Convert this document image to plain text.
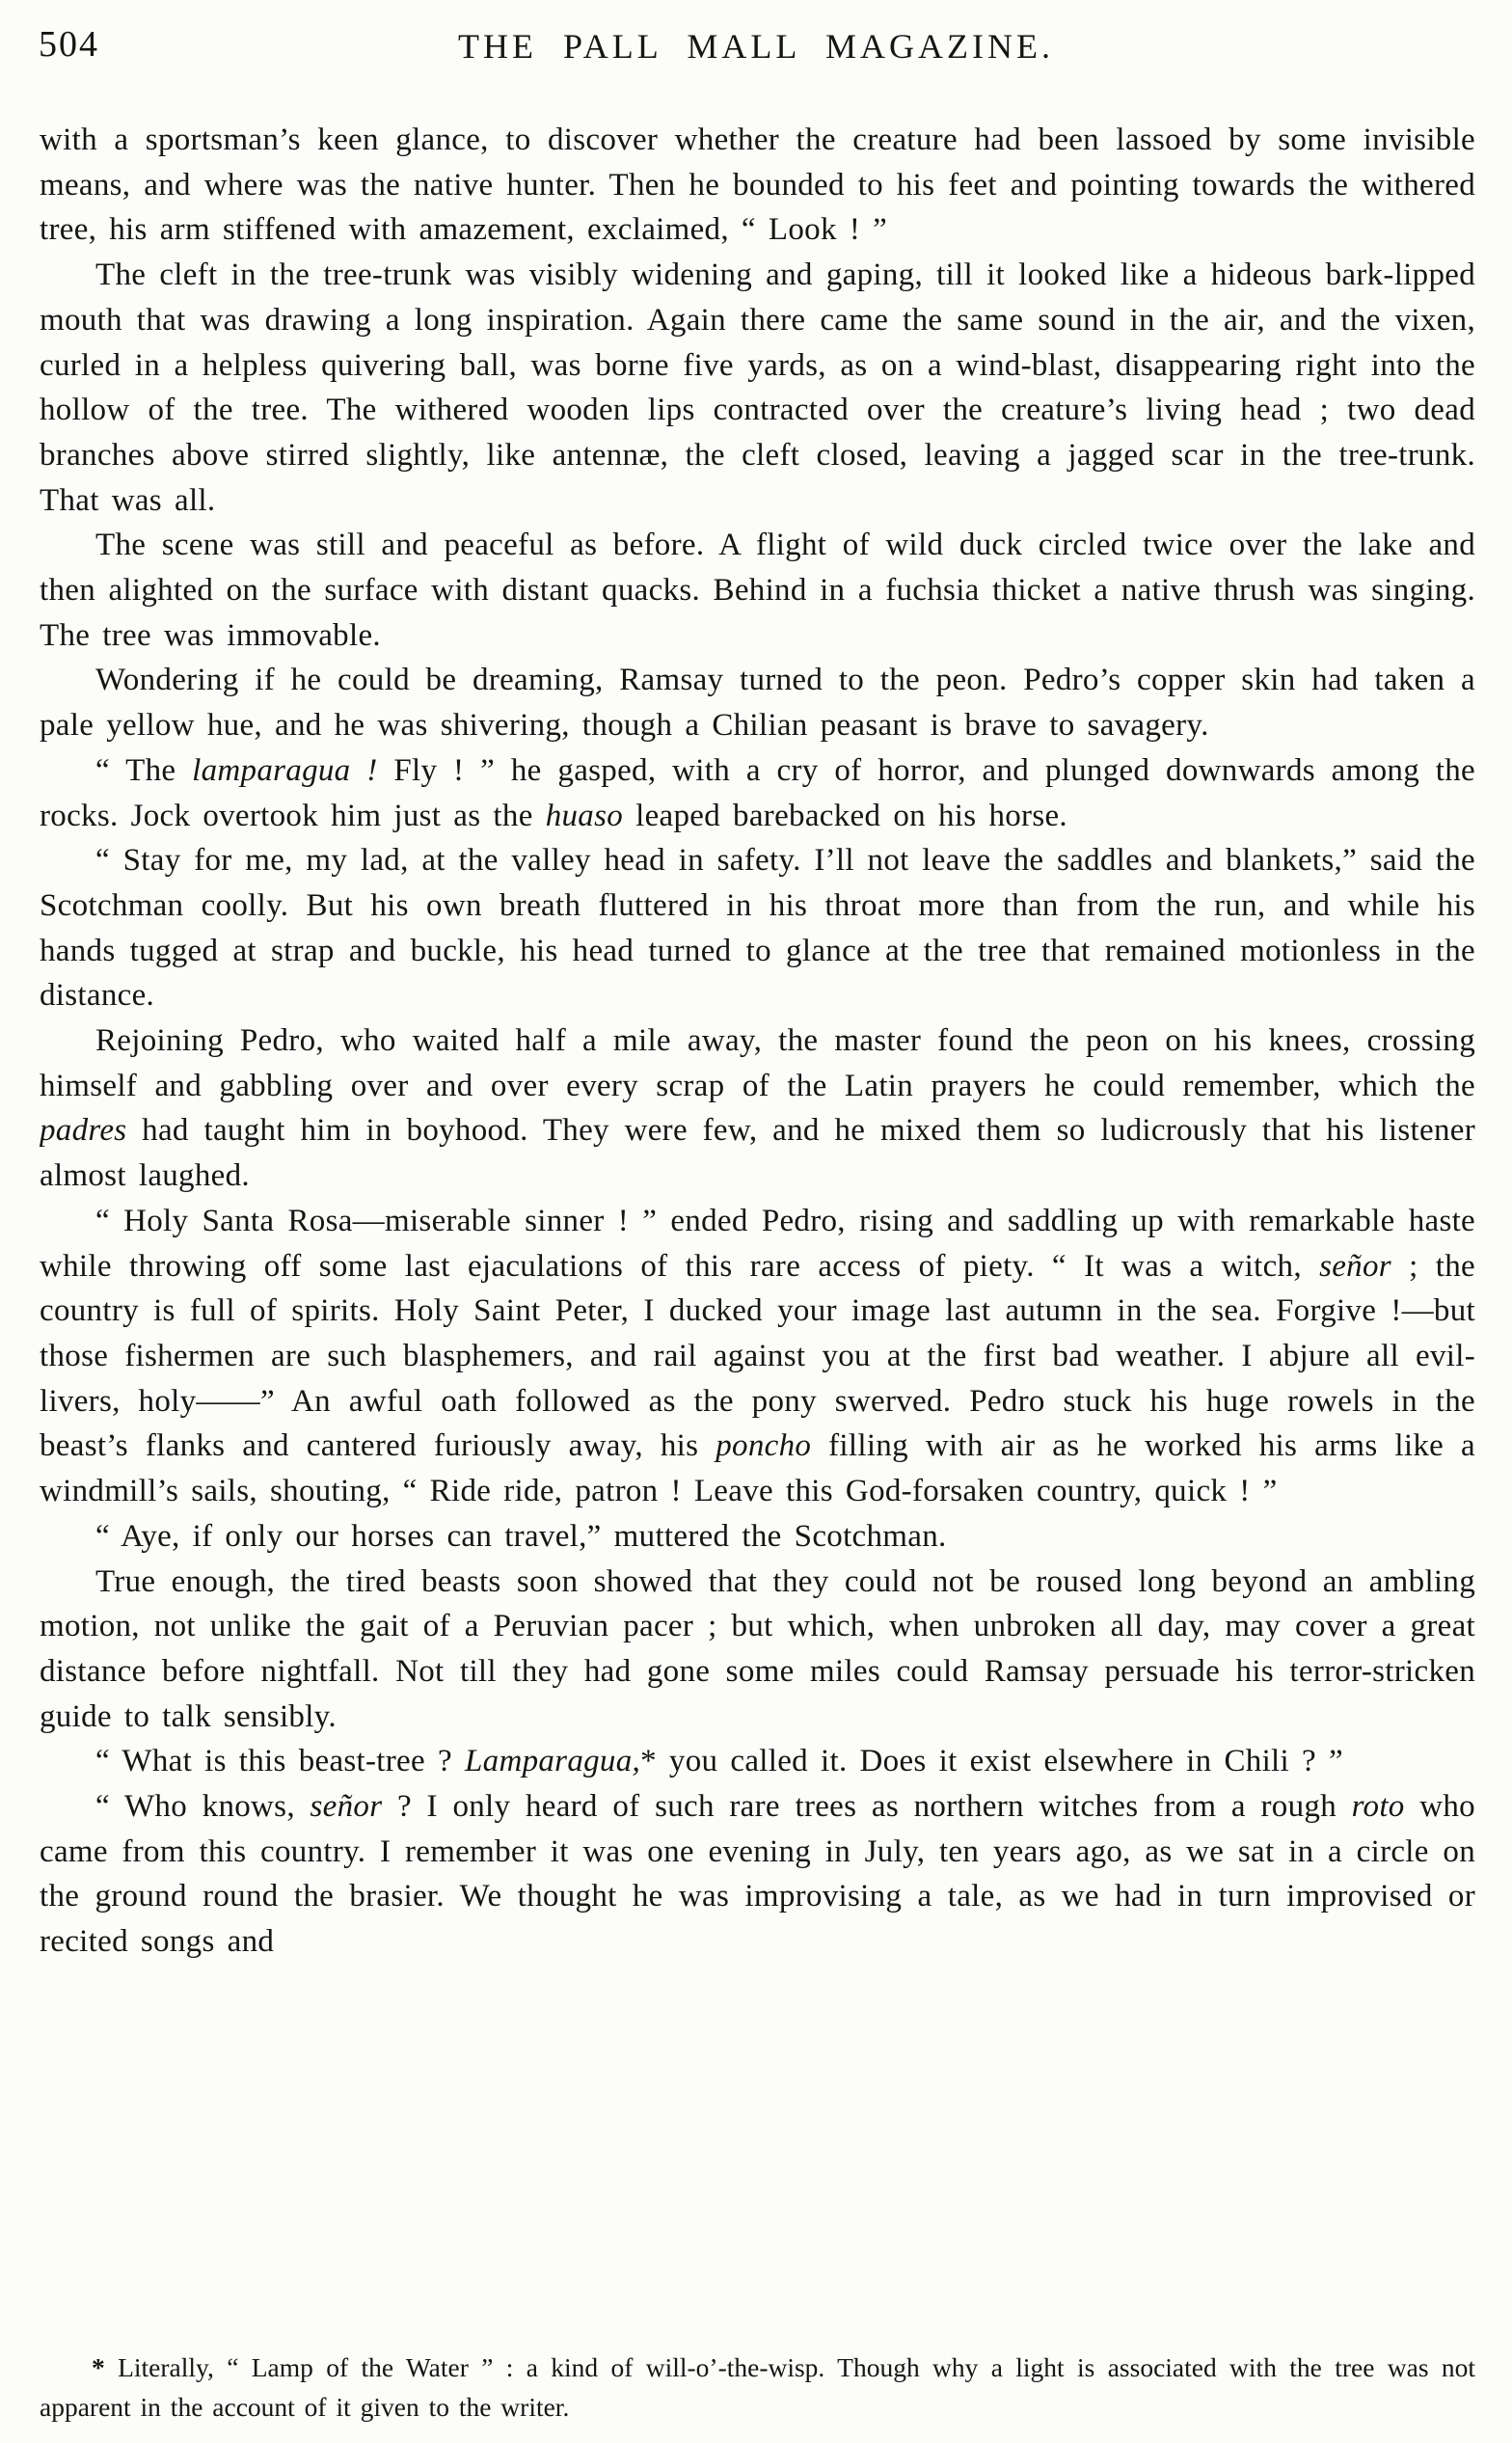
504	THE PALL MALL MAGAZINE.

with a sportsman’s keen glance, to discover whether the creature had been lassoed by some invisible means, and where was the native hunter. Then he bounded to his feet and pointing towards the withered tree, his arm stiffened with amazement, exclaimed, “ Look ! ”

The cleft in the tree-trunk was visibly widening and gaping, till it looked like a hideous bark-lipped mouth that was drawing a long inspiration. Again there came the same sound in the air, and the vixen, curled in a helpless quivering ball, was borne five yards, as on a wind-blast, disappearing right into the hollow of the tree. The withered wooden lips contracted over the creature’s living head ; two dead branches above stirred slightly, like antennæ, the cleft closed, leaving a jagged scar in the tree-trunk. That was all.

The scene was still and peaceful as before. A flight of wild duck circled twice over the lake and then alighted on the surface with distant quacks. Behind in a fuchsia thicket a native thrush was singing. The tree was immovable.

Wondering if he could be dreaming, Ramsay turned to the peon. Pedro’s copper skin had taken a pale yellow hue, and he was shivering, though a Chilian peasant is brave to savagery.

“ The lamparagua ! Fly ! ” he gasped, with a cry of horror, and plunged downwards among the rocks. Jock overtook him just as the huaso leaped barebacked on his horse.

“ Stay for me, my lad, at the valley head in safety. I’ll not leave the saddles and blankets,” said the Scotchman coolly. But his own breath fluttered in his throat more than from the run, and while his hands tugged at strap and buckle, his head turned to glance at the tree that remained motionless in the distance.

Rejoining Pedro, who waited half a mile away, the master found the peon on his knees, crossing himself and gabbling over and over every scrap of the Latin prayers he could remember, which the padres had taught him in boyhood. They were few, and he mixed them so ludicrously that his listener almost laughed.

“ Holy Santa Rosa—miserable sinner ! ” ended Pedro, rising and saddling up with remarkable haste while throwing off some last ejaculations of this rare access of piety. “ It was a witch, señor ; the country is full of spirits. Holy Saint Peter, I ducked your image last autumn in the sea. Forgive !—but those fishermen are such blasphemers, and rail against you at the first bad weather. I abjure all evil-livers, holy——” An awful oath followed as the pony swerved. Pedro stuck his huge rowels in the beast’s flanks and cantered furiously away, his poncho filling with air as he worked his arms like a windmill’s sails, shouting, “ Ride ride, patron ! Leave this God-forsaken country, quick ! ”

“ Aye, if only our horses can travel,” muttered the Scotchman.

True enough, the tired beasts soon showed that they could not be roused long beyond an ambling motion, not unlike the gait of a Peruvian pacer ; but which, when unbroken all day, may cover a great distance before nightfall. Not till they had gone some miles could Ramsay persuade his terror-stricken guide to talk sensibly.

“ What is this beast-tree ? Lamparagua,* you called it. Does it exist elsewhere in Chili ? ”

“ Who knows, señor ? I only heard of such rare trees as northern witches from a rough roto who came from this country. I remember it was one evening in July, ten years ago, as we sat in a circle on the ground round the brasier. We thought he was improvising a tale, as we had in turn improvised or recited songs and

* Literally, “ Lamp of the Water ” : a kind of will-o’-the-wisp. Though why a light is associated with the tree was not apparent in the account of it given to the writer.
